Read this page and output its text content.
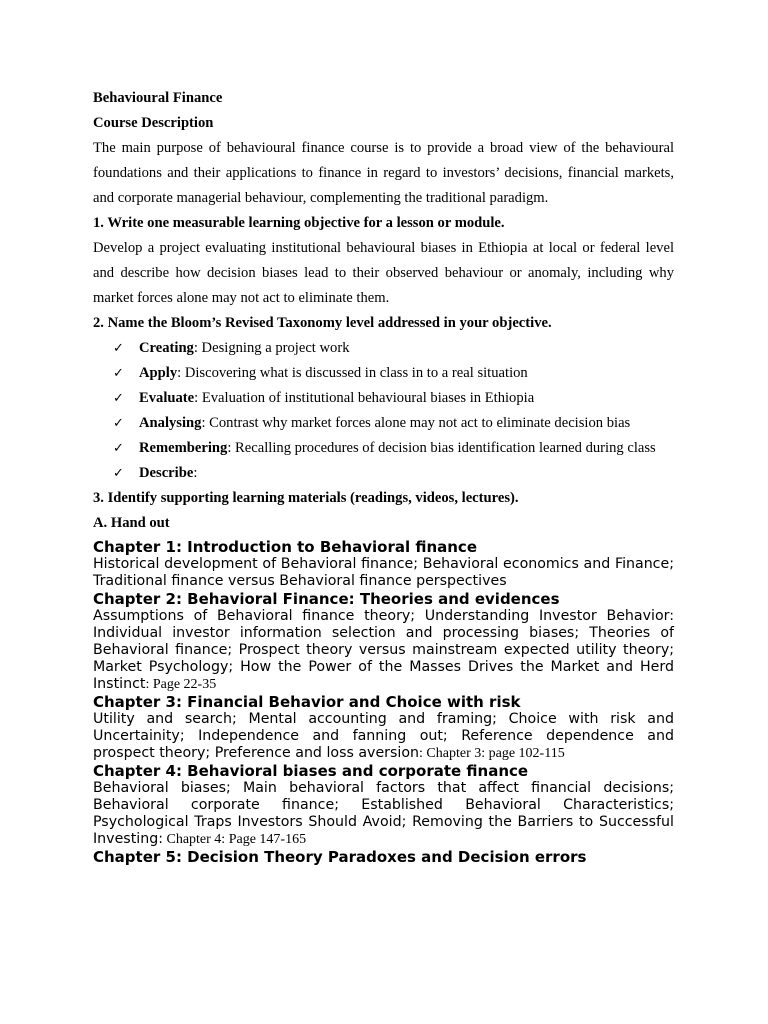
Behavioural Finance

Course Description

The main purpose of behavioural finance course is to provide a broad view of the behavioural foundations and their applications to finance in regard to investors’ decisions, financial markets, and corporate managerial behaviour, complementing the traditional paradigm.

1. Write one measurable learning objective for a lesson or module.

Develop a project evaluating institutional behavioural biases in Ethiopia at local or federal level and describe how decision biases lead to their observed behaviour or anomaly, including why market forces alone may not act to eliminate them.

2. Name the Bloom’s Revised Taxonomy level addressed in your objective.

✓ Creating: Designing a project work
✓ Apply: Discovering what is discussed in class in to a real situation
✓ Evaluate: Evaluation of institutional behavioural biases in Ethiopia
✓ Analysing: Contrast why market forces alone may not act to eliminate decision bias
✓ Remembering: Recalling procedures of decision bias identification learned during class
✓ Describe:

3. Identify supporting learning materials (readings, videos, lectures).

A. Hand out

Chapter 1: Introduction to Behavioral finance

Historical development of Behavioral finance; Behavioral economics and Finance; Traditional finance versus Behavioral finance perspectives

Chapter 2: Behavioral Finance: Theories and evidences

Assumptions of Behavioral finance theory; Understanding Investor Behavior: Individual investor information selection and processing biases; Theories of Behavioral finance; Prospect theory versus mainstream expected utility theory; Market Psychology; How the Power of the Masses Drives the Market and Herd Instinct: Page 22-35

Chapter 3: Financial Behavior and Choice with risk

Utility and search; Mental accounting and framing; Choice with risk and Uncertainity; Independence and fanning out; Reference dependence and prospect theory; Preference and loss aversion: Chapter 3: page 102-115

Chapter 4: Behavioral biases and corporate finance

Behavioral biases; Main behavioral factors that affect financial decisions; Behavioral corporate finance; Established Behavioral Characteristics; Psychological Traps Investors Should Avoid; Removing the Barriers to Successful Investing: Chapter 4: Page 147-165

Chapter 5: Decision Theory Paradoxes and Decision errors
